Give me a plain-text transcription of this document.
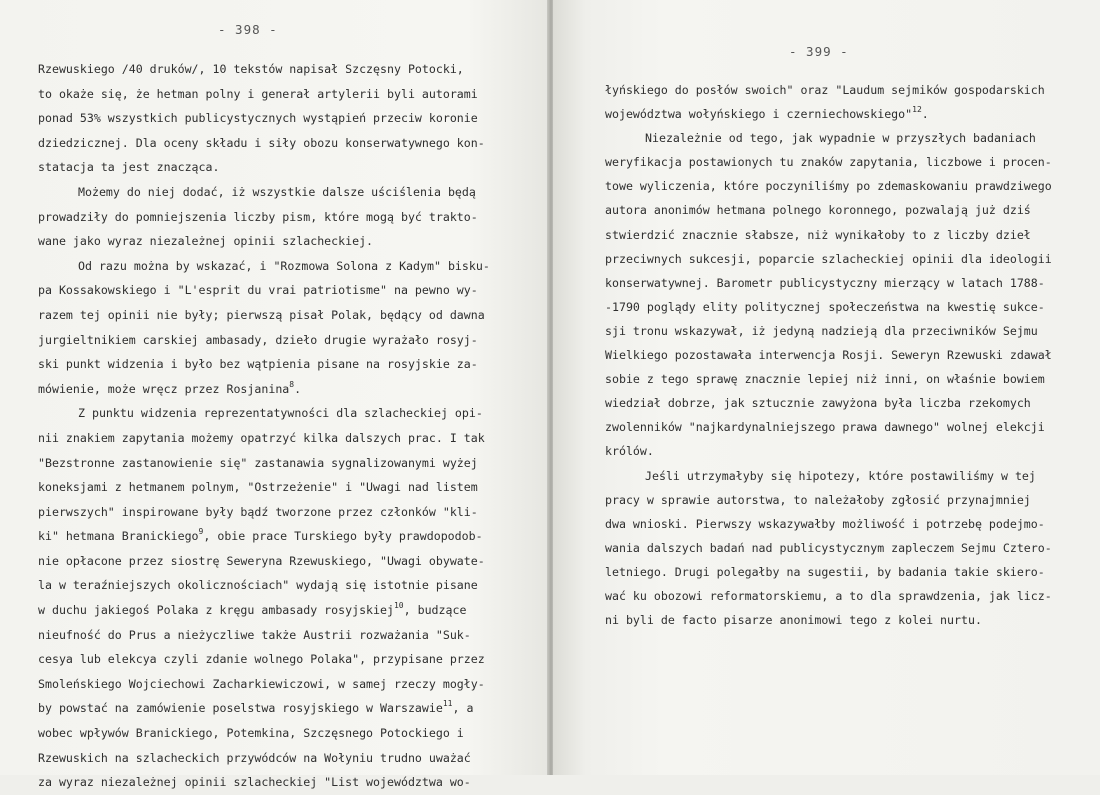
- 398 -
Rzewuskiego /40 druków/, 10 tekstów napisał Szczęsny Potocki,
to okaże się, że hetman polny i generał artylerii byli autorami
ponad 53% wszystkich publicystycznych wystąpień przeciw koronie
dziedzicznej. Dla oceny składu i siły obozu konserwatywnego kon-
statacja ta jest znacząca.
Możemy do niej dodać, iż wszystkie dalsze uściślenia będą
prowadziły do pomniejszenia liczby pism, które mogą być trakto-
wane jako wyraz niezależnej opinii szlacheckiej.
Od razu można by wskazać, i "Rozmowa Solona z Kadym" bisku-
pa Kossakowskiego i "L'esprit du vrai patriotisme" na pewno wy-
razem tej opinii nie były; pierwszą pisał Polak, będący od dawna
jurgieltnikiem carskiej ambasady, dzieło drugie wyrażało rosyj-
ski punkt widzenia i było bez wątpienia pisane na rosyjskie za-
mówienie, może wręcz przez Rosjanina$^8$.
Z punktu widzenia reprezentatywności dla szlacheckiej opi-
nii znakiem zapytania możemy opatrzyć kilka dalszych prac. I tak
"Bezstronne zastanowienie się" zastanawia sygnalizowanymi wyżej
koneksjami z hetmanem polnym, "Ostrzeżenie" i "Uwagi nad listem
pierwszych" inspirowane były bądź tworzone przez członków "kli-
ki" hetmana Branickiego$^9$, obie prace Turskiego były prawdopodob-
nie opłacone przez siostrę Seweryna Rzewuskiego, "Uwagi obywate-
la w teraźniejszych okolicznościach" wydają się istotnie pisane
w duchu jakiegoś Polaka z kręgu ambasady rosyjskiej$^{10}$, budzące
nieufność do Prus a nieżyczliwe także Austrii rozważania "Suk-
cesya lub elekcya czyli zdanie wolnego Polaka", przypisane przez
Smoleńskiego Wojciechowi Zacharkiewiczowi, w samej rzeczy mogły-
by powstać na zamówienie poselstwa rosyjskiego w Warszawie$^{11}$, a
wobec wpływów Branickiego, Potemkina, Szczęsnego Potockiego i
Rzewuskich na szlacheckich przywódców na Wołyniu trudno uważać
za wyraz niezależnej opinii szlacheckiej "List województwa wo-
- 399 -
łyńskiego do posłów swoich" oraz "Laudum sejmików gospodarskich
województwa wołyńskiego i czerniechowskiego"$^{12}$.
Niezależnie od tego, jak wypadnie w przyszłych badaniach
weryfikacja postawionych tu znaków zapytania, liczbowe i procen-
towe wyliczenia, które poczyniliśmy po zdemaskowaniu prawdziwego
autora anonimów hetmana polnego koronnego, pozwalają już dziś
stwierdzić znacznie słabsze, niż wynikałoby to z liczby dzieł
przeciwnych sukcesji, poparcie szlacheckiej opinii dla ideologii
konserwatywnej. Barometr publicystyczny mierzący w latach 1788-
-1790 poglądy elity politycznej społeczeństwa na kwestię sukce-
sji tronu wskazywał, iż jedyną nadzieją dla przeciwników Sejmu
Wielkiego pozostawała interwencja Rosji. Seweryn Rzewuski zdawał
sobie z tego sprawę znacznie lepiej niż inni, on właśnie bowiem
wiedział dobrze, jak sztucznie zawyżona była liczba rzekomych
zwolenników "najkardynalniejszego prawa dawnego" wolnej elekcji
królów.
Jeśli utrzymałyby się hipotezy, które postawiliśmy w tej
pracy w sprawie autorstwa, to należałoby zgłosić przynajmniej
dwa wnioski. Pierwszy wskazywałby możliwość i potrzebę podejmo-
wania dalszych badań nad publicystycznym zapleczem Sejmu Cztero-
letniego. Drugi polegałby na sugestii, by badania takie skiero-
wać ku obozowi reformatorskiemu, a to dla sprawdzenia, jak licz-
ni byli de facto pisarze anonimowi tego z kolei nurtu.
